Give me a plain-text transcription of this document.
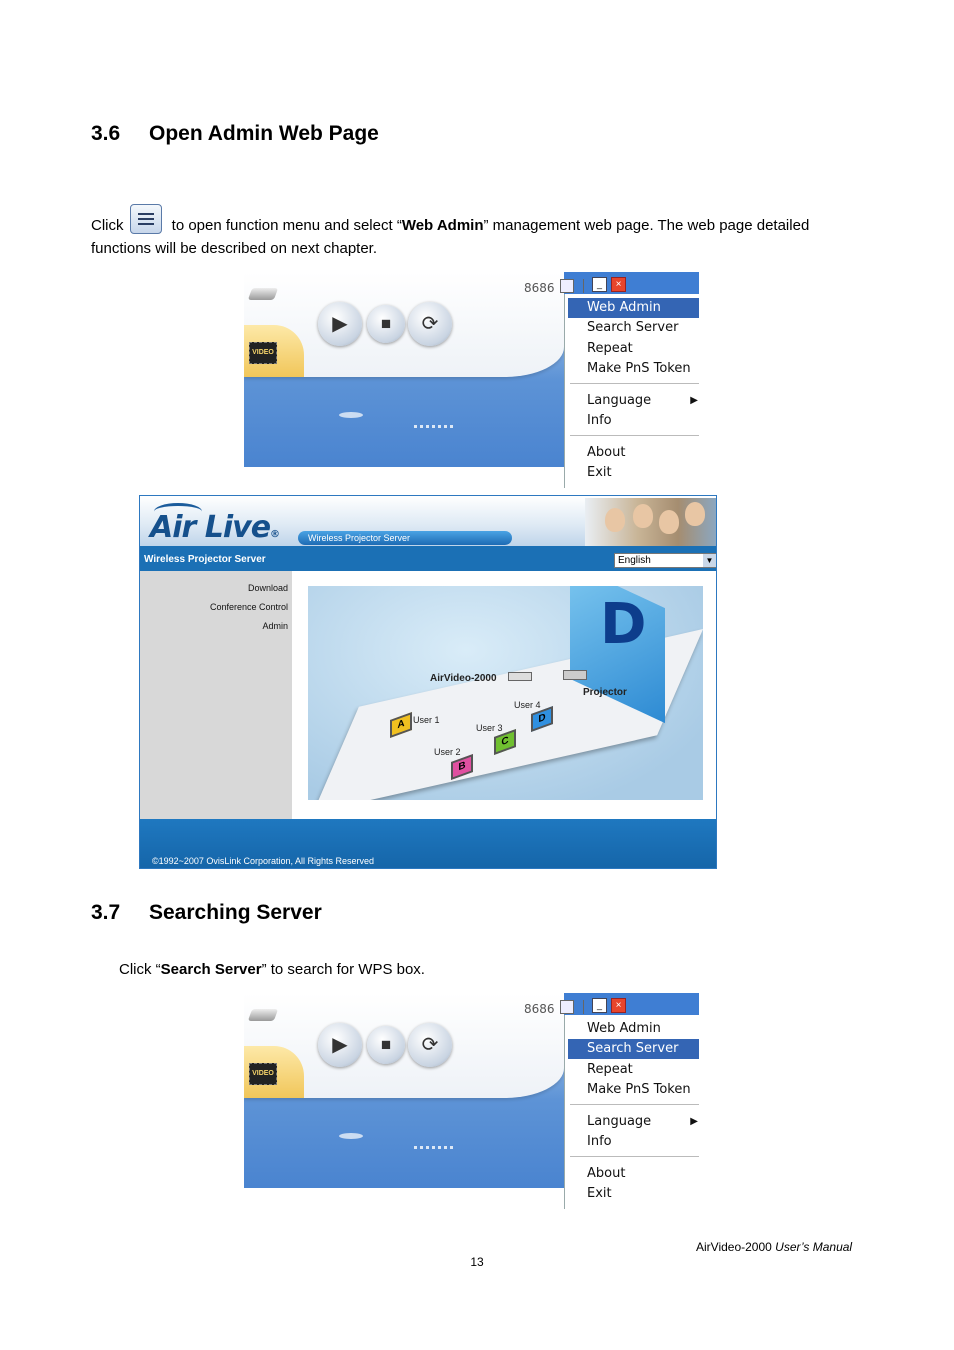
3.6 Open Admin Web Page
Click	to open function menu and select “Web Admin” management web page. The web page detailed
functions will be described on next chapter.
VIDEO
▶	■	⟳
8686	_	×
Web Admin
Search Server
Repeat
Make PnS Token
Language	▶
Info
About
Exit
Air Live®	Wireless Projector Server
Wireless Projector Server	English	▼
Download
Conference Control
Admin	D
AirVideo-2000
Projector
User 1
User 2
User 3
User 4
A
B
C
D
©1992~2007 OvisLink Corporation, All Rights Reserved
3.7 Searching Server
Click “Search Server” to search for WPS box.
VIDEO
▶	■	⟳
8686	_	×
Web Admin
Search Server
Repeat
Make PnS Token
Language	▶
Info
About
Exit
AirVideo-2000 User’s Manual
13
